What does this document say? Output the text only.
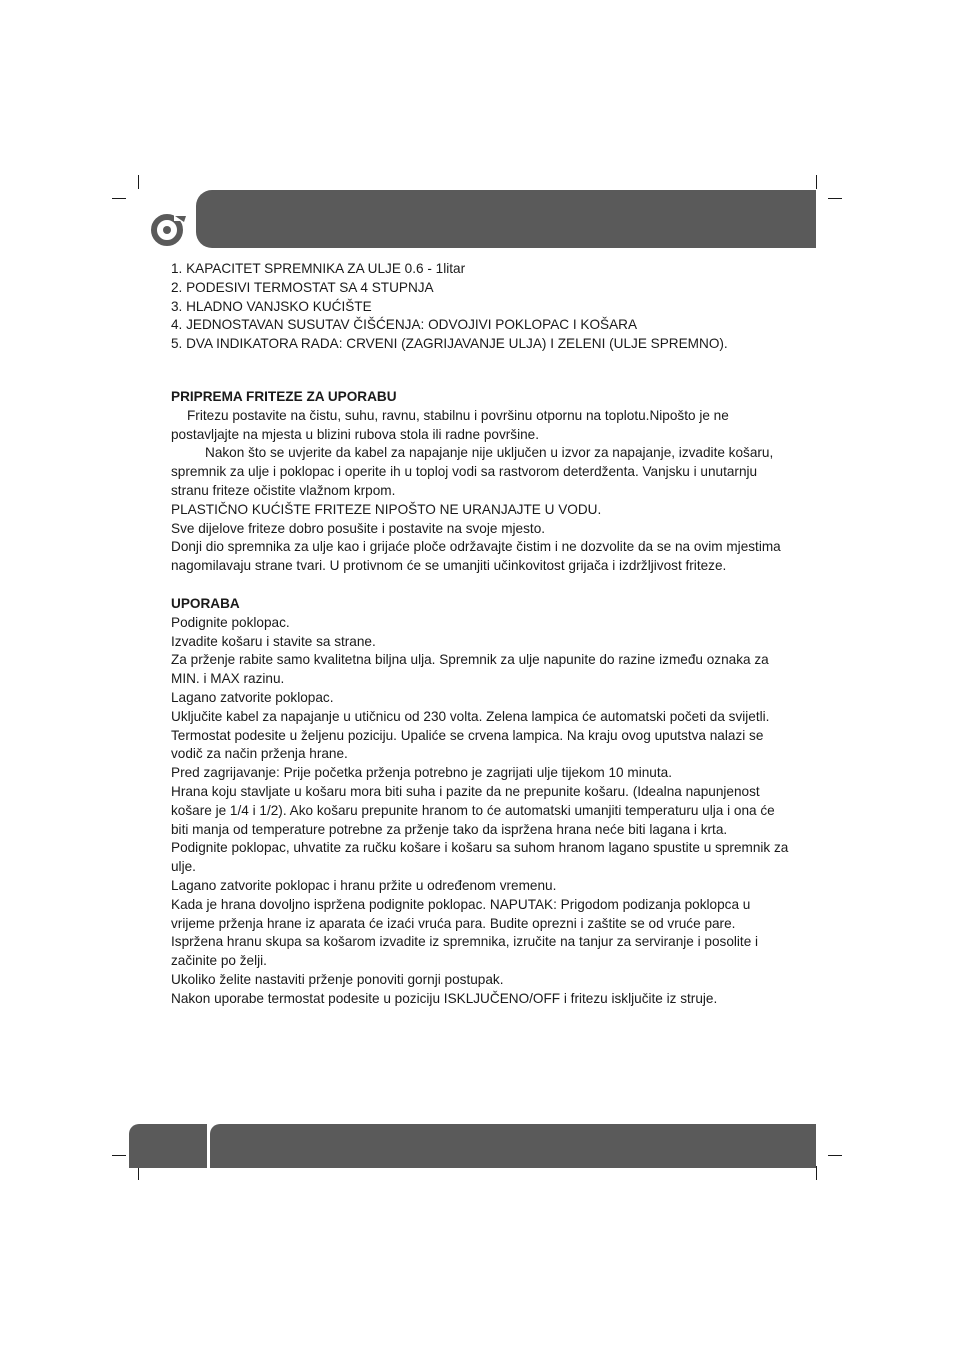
1. KAPACITET SPREMNIKA ZA ULJE 0.6 - 1litar
2. PODESIVI TERMOSTAT SA 4 STUPNJA
3. HLADNO VANJSKO KUĆIŠTE
4. JEDNOSTAVAN SUSUTAV ČIŠĆENJA: ODVOJIVI POKLOPAC I KOŠARA
5. DVA INDIKATORA RADA: CRVENI (ZAGRIJAVANJE ULJA) I ZELENI (ULJE SPREMNO).

PRIPREMA FRITEZE ZA UPORABU

Fritezu postavite na čistu, suhu, ravnu, stabilnu i površinu otpornu na toplotu.Nipošto je ne postavljajte na mjesta u blizini rubova stola ili radne površine.

Nakon što se uvjerite da kabel za napajanje nije uključen u izvor za napajanje, izvadite košaru, spremnik za ulje i poklopac i operite ih u toploj vodi sa rastvorom deterdženta. Vanjsku i unutarnju stranu friteze očistite vlažnom krpom.

PLASTIČNO KUĆIŠTE FRITEZE NIPOŠTO NE URANJAJTE U VODU.

Sve dijelove friteze dobro posušite i postavite na svoje mjesto.

Donji dio spremnika za ulje kao i grijaće ploče održavajte čistim i ne dozvolite da se na ovim mjestima nagomilavaju strane tvari. U protivnom će se umanjiti učinkovitost grijača i izdržljivost friteze.

UPORABA

Podignite poklopac.

Izvadite košaru i stavite sa strane.

Za prženje rabite samo kvalitetna biljna ulja. Spremnik za ulje napunite do razine između oznaka za MIN. i MAX razinu.

Lagano zatvorite poklopac.

Uključite kabel za napajanje u utičnicu od 230 volta. Zelena lampica će automatski početi da svijetli.

Termostat podesite u željenu poziciju. Upaliće se crvena lampica. Na kraju ovog uputstva nalazi se vodič za način prženja hrane.

Pred zagrijavanje: Prije početka prženja potrebno je zagrijati ulje tijekom 10 minuta.

Hrana koju stavljate u košaru mora biti suha i pazite da ne prepunite košaru. (Idealna napunjenost košare je 1/4 i 1/2). Ako košaru prepunite hranom to će automatski umanjiti temperaturu ulja i ona će biti manja od temperature potrebne za prženje tako da ispržena hrana neće biti lagana i krta.

Podignite poklopac, uhvatite za ručku košare i košaru sa suhom hranom lagano spustite u spremnik za ulje.

Lagano zatvorite poklopac i hranu pržite u određenom vremenu.

Kada je hrana dovoljno ispržena podignite poklopac. NAPUTAK: Prigodom podizanja poklopca u vrijeme prženja hrane iz aparata će izaći vruća para. Budite oprezni i zaštite se od vruće pare.

Ispržena hranu skupa sa košarom izvadite iz spremnika, izručite na tanjur za serviranje i posolite i začinite po želji.

Ukoliko želite nastaviti prženje ponoviti gornji postupak.

Nakon uporabe termostat podesite u poziciju ISKLJUČENO/OFF i fritezu isključite iz struje.
